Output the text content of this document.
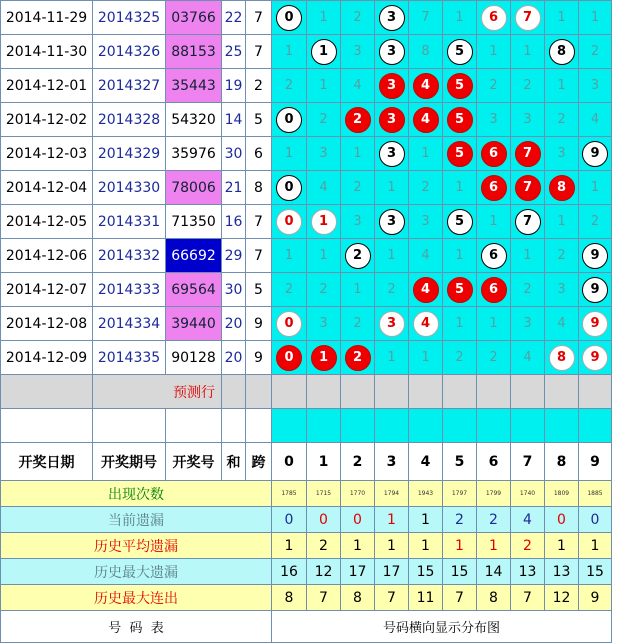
2014-11-29	2014325	03766	22	7	0	1	2	3	7	1	6	7	1	1
2014-11-30	2014326	88153	25	7	1	1	3	3	8	5	1	1	8	2
2014-12-01	2014327	35443	19	2	2	1	4	3	4	5	2	2	1	3
2014-12-02	2014328	54320	14	5	0	2	2	3	4	5	3	3	2	4
2014-12-03	2014329	35976	30	6	1	3	1	3	1	5	6	7	3	9
2014-12-04	2014330	78006	21	8	0	4	2	1	2	1	6	7	8	1
2014-12-05	2014331	71350	16	7	0	1	3	3	3	5	1	7	1	2
2014-12-06	2014332	66692	29	7	1	1	2	1	4	1	6	1	2	9
2014-12-07	2014333	69564	30	5	2	2	1	2	4	5	6	2	3	9
2014-12-08	2014334	39440	20	9	0	3	2	3	4	1	1	3	4	9
2014-12-09	2014335	90128	20	9	0	1	2	1	1	2	2	4	8	9
	预测行													

开奖日期	开奖期号	开奖号	和	跨	0	1	2	3	4	5	6	7	8	9
出现次数					1785	1715	1770	1794	1943	1797	1799	1740	1809	1885
当前遗漏					0	0	0	1	1	2	2	4	0	0
历史平均遗漏					1	2	1	1	1	1	1	2	1	1
历史最大遗漏					16	12	17	17	15	15	14	13	13	15
历史最大连出					8	7	8	7	11	7	8	7	12	9
号  码  表					号码横向显示分布图									
